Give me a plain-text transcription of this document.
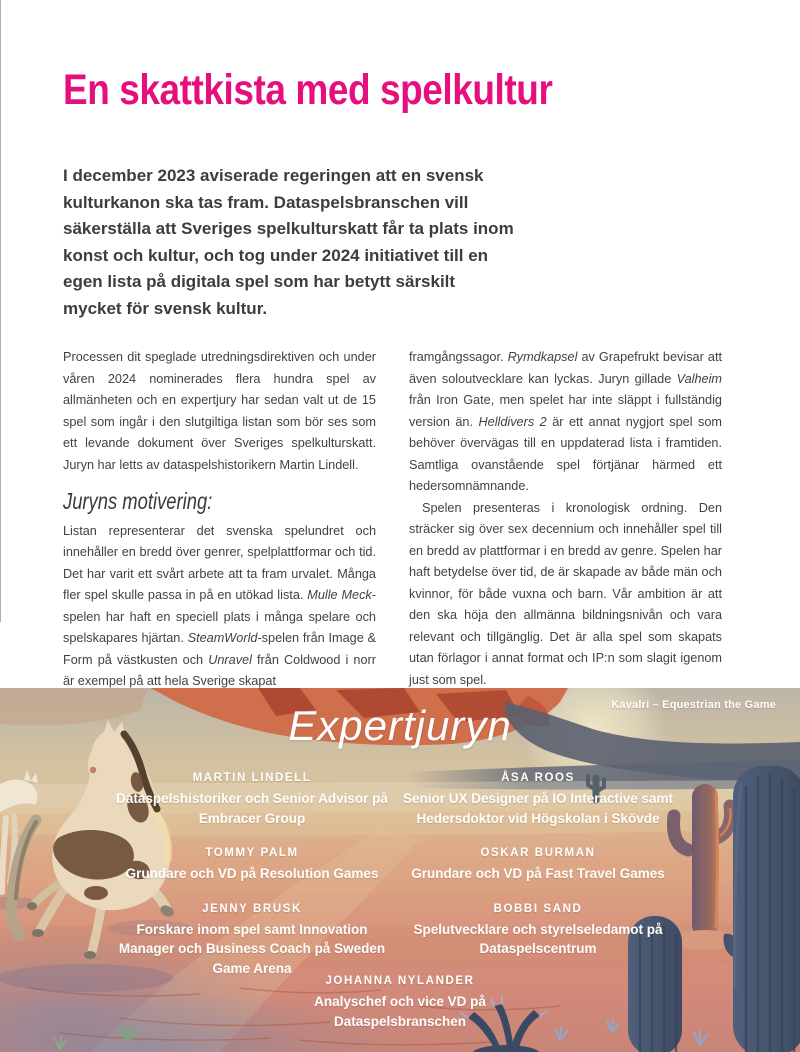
En skattkista med spelkultur

I december 2023 aviserade regeringen att en svensk kulturkanon ska tas fram. Dataspelsbranschen vill säkerställa att Sveriges spelkulturskatt får ta plats inom konst och kultur, och tog under 2024 initiativet till en egen lista på digitala spel som har betytt särskilt mycket för svensk kultur.

Processen dit speglade utredningsdirektiven och under våren 2024 nominerades flera hundra spel av allmänheten och en expertjury har sedan valt ut de 15 spel som ingår i den slutgiltiga listan som bör ses som ett levande dokument över Sveriges spelkulturskatt. Juryn har letts av dataspelshistorikern Martin Lindell.

Juryns motivering:

Listan representerar det svenska spelundret och innehåller en bredd över genrer, spelplattformar och tid. Det har varit ett svårt arbete att ta fram urvalet. Många fler spel skulle passa in på en utökad lista. Mulle Meck-spelen har haft en speciell plats i många spelare och spelskapares hjärtan. SteamWorld-spelen från Image & Form på västkusten och Unravel från Coldwood i norr är exempel på att hela Sverige skapat

framgångssagor. Rymdkapsel av Grapefrukt bevisar att även soloutvecklare kan lyckas. Juryn gillade Valheim från Iron Gate, men spelet har inte släppt i fullständig version än. Helldivers 2 är ett annat nygjort spel som behöver övervägas till en uppdaterad lista i framtiden. Samtliga ovanstående spel förtjänar härmed ett hedersomnämnande.

Spelen presenteras i kronologisk ordning. Den sträcker sig över sex decennium och innehåller spel till en bredd av plattformar i en bredd av genre. Spelen har haft betydelse över tid, de är skapade av både män och kvinnor, för både vuxna och barn. Vår ambition är att den ska höja den allmänna bildningsnivån och vara relevant och tillgänglig. Det är alla spel som skapats utan förlagor i annat format och IP:n som slagit igenom just som spel.

Expertjuryn	Kavalri – Equestrian the Game
MARTIN LINDELL
Dataspelshistoriker och Senior Advisor på Embracer Group
TOMMY PALM
Grundare och VD på Resolution Games
JENNY BRUSK
Forskare inom spel samt Innovation Manager och Business Coach på Sweden Game Arena
ÅSA ROOS
Senior UX Designer på IO Interactive samt Hedersdoktor vid Högskolan i Skövde
OSKAR BURMAN
Grundare och VD på Fast Travel Games
BOBBI SAND
Spelutvecklare och styrelseledamot på Dataspelscentrum
JOHANNA NYLANDER
Analyschef och vice VD på Dataspelsbranschen
